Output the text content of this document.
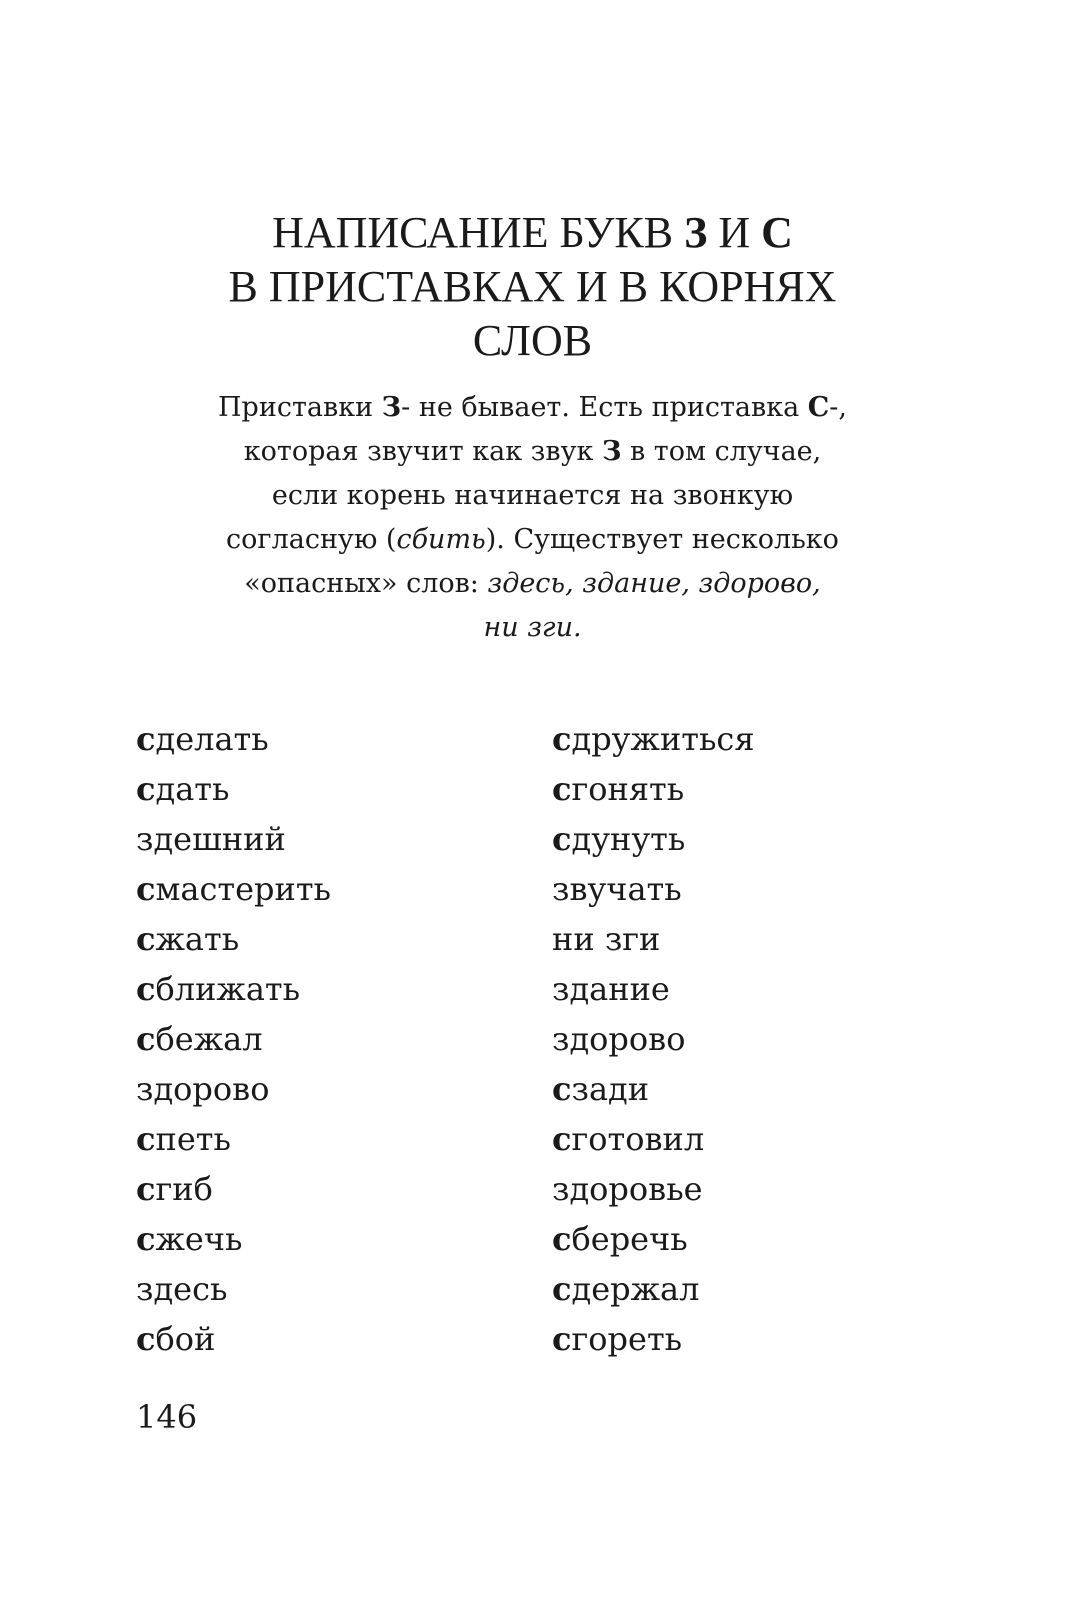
НАПИСАНИЕ БУКВ З И С
В ПРИСТАВКАХ И В КОРНЯХ
СЛОВ
Приставки З- не бывает. Есть приставка С-,
которая звучит как звук З в том случае,
если корень начинается на звонкую
согласную (сбить). Существует несколько
«опасных» слов: здесь, здание, здорово,
ни зги.
сделать
сдать
здешний
смастерить
сжать
сближать
сбежал
здорово
спеть
сгиб
сжечь
здесь
сбой
сдружиться
сгонять
сдунуть
звучать
ни зги
здание
здорово
сзади
сготовил
здоровье
сберечь
сдержал
сгореть
146
